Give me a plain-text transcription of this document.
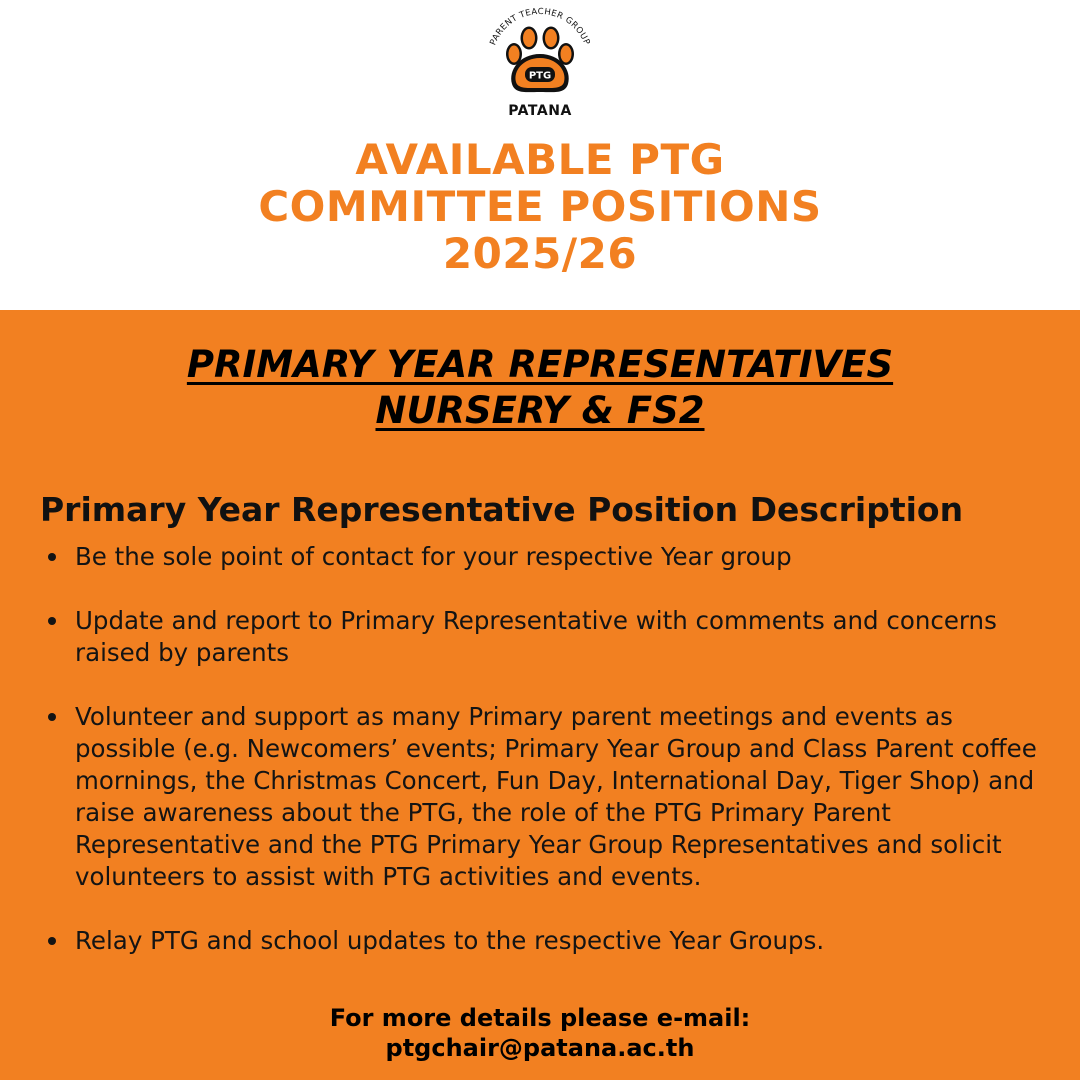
PARENT TEACHER GROUP
PTG
PATANA
AVAILABLE PTG
COMMITTEE POSITIONS
2025/26
PRIMARY YEAR REPRESENTATIVES
NURSERY & FS2
Primary Year Representative Position Description
Be the sole point of contact for your respective Year group
Update and report to Primary Representative with comments and concerns raised by parents
Volunteer and support as many Primary parent meetings and events as possible (e.g. Newcomers’ events; Primary Year Group and Class Parent coffee mornings, the Christmas Concert, Fun Day, International Day, Tiger Shop) and raise awareness about the PTG, the role of the PTG Primary Parent Representative and the PTG Primary Year Group Representatives and solicit volunteers to assist with PTG activities and events.
Relay PTG and school updates to the respective Year Groups.

For more details please e-mail:
ptgchair@patana.ac.th
